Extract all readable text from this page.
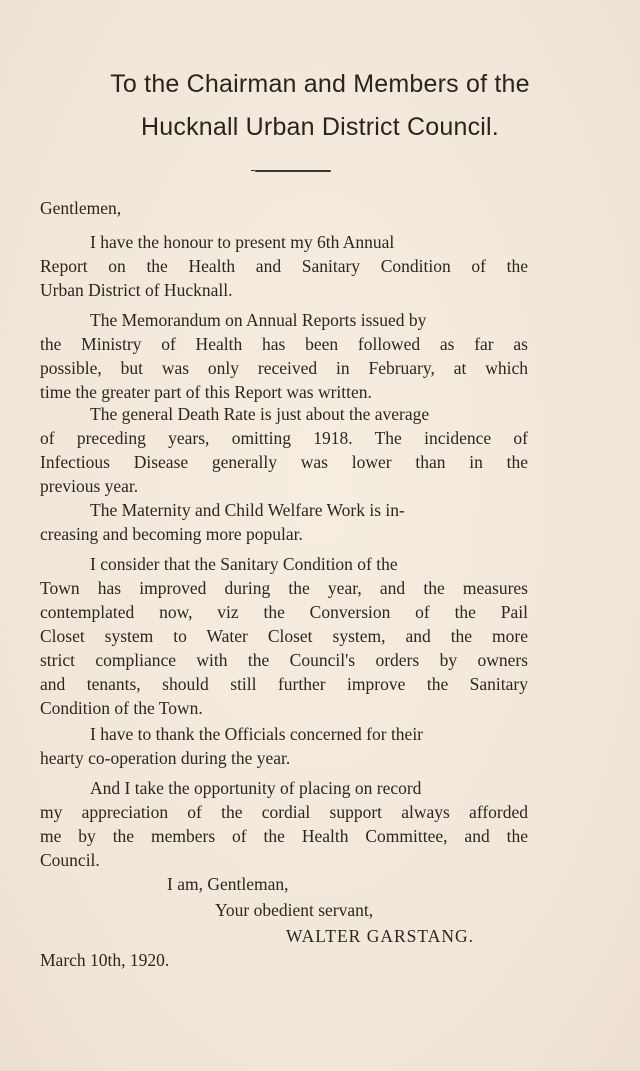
To the Chairman and Members of the
Hucknall Urban District Council.
Gentlemen,
I have the honour to present my 6th Annual
Report on the Health and Sanitary Condition of the
Urban District of Hucknall.
The Memorandum on Annual Reports issued by
the Ministry of Health has been followed as far as
possible, but was only received in February, at which
time the greater part of this Report was written.
The general Death Rate is just about the average
of preceding years, omitting 1918. The incidence of
Infectious Disease generally was lower than in the
previous year.
The Maternity and Child Welfare Work is in-
creasing and becoming more popular.
I consider that the Sanitary Condition of the
Town has improved during the year, and the measures
contemplated now, viz the Conversion of the Pail
Closet system to Water Closet system, and the more
strict compliance with the Council's orders by owners
and tenants, should still further improve the Sanitary
Condition of the Town.
I have to thank the Officials concerned for their
hearty co-operation during the year.
And I take the opportunity of placing on record
my appreciation of the cordial support always afforded
me by the members of the Health Committee, and the
Council.
I am, Gentleman,
Your obedient servant,
WALTER GARSTANG.
March 10th, 1920.
